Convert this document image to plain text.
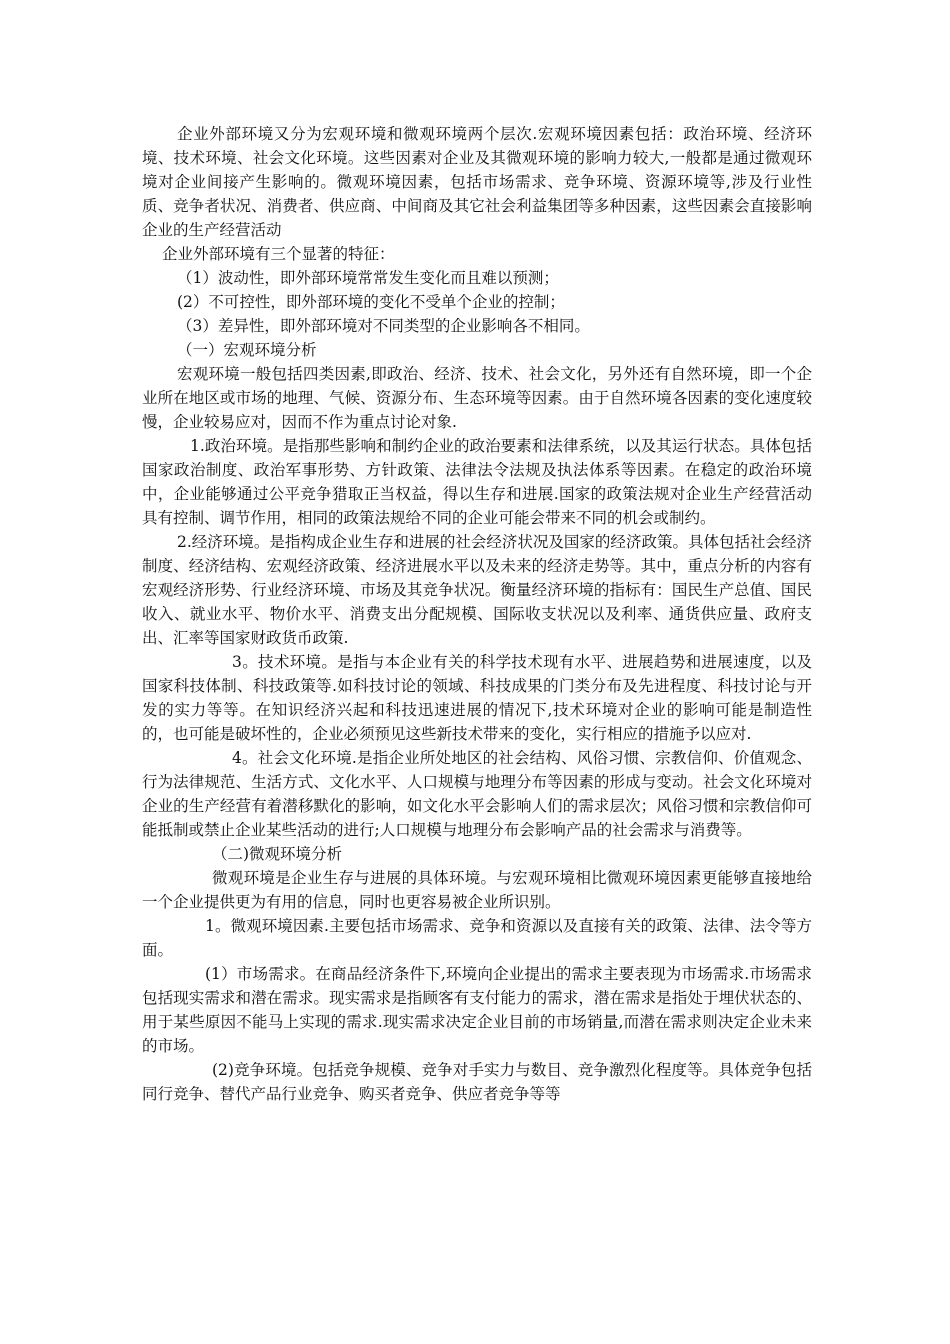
企业外部环境又分为宏观环境和微观环境两个层次.宏观环境因素包括：政治环境、经济环境、技术环境、社会文化环境。这些因素对企业及其微观环境的影响力较大,一般都是通过微观环境对企业间接产生影响的。微观环境因素，包括市场需求、竞争环境、资源环境等,涉及行业性质、竞争者状况、消费者、供应商、中间商及其它社会利益集团等多种因素，这些因素会直接影响企业的生产经营活动

企业外部环境有三个显著的特征：

（1）波动性，即外部环境常常发生变化而且难以预测；

(2）不可控性，即外部环境的变化不受单个企业的控制；

（3）差异性，即外部环境对不同类型的企业影响各不相同。

（一）宏观环境分析

宏观环境一般包括四类因素,即政治、经济、技术、社会文化，另外还有自然环境，即一个企业所在地区或市场的地理、气候、资源分布、生态环境等因素。由于自然环境各因素的变化速度较慢，企业较易应对，因而不作为重点讨论对象.

1.政治环境。是指那些影响和制约企业的政治要素和法律系统，以及其运行状态。具体包括国家政治制度、政治军事形势、方针政策、法律法令法规及执法体系等因素。在稳定的政治环境中，企业能够通过公平竞争猎取正当权益，得以生存和进展.国家的政策法规对企业生产经营活动具有控制、调节作用，相同的政策法规给不同的企业可能会带来不同的机会或制约。

2.经济环境。是指构成企业生存和进展的社会经济状况及国家的经济政策。具体包括社会经济制度、经济结构、宏观经济政策、经济进展水平以及未来的经济走势等。其中，重点分析的内容有宏观经济形势、行业经济环境、市场及其竞争状况。衡量经济环境的指标有：国民生产总值、国民收入、就业水平、物价水平、消费支出分配规模、国际收支状况以及利率、通货供应量、政府支出、汇率等国家财政货币政策.

3。技术环境。是指与本企业有关的科学技术现有水平、进展趋势和进展速度，以及国家科技体制、科技政策等.如科技讨论的领域、科技成果的门类分布及先进程度、科技讨论与开发的实力等等。在知识经济兴起和科技迅速进展的情况下,技术环境对企业的影响可能是制造性的，也可能是破坏性的，企业必须预见这些新技术带来的变化，实行相应的措施予以应对.

4。社会文化环境.是指企业所处地区的社会结构、风俗习惯、宗教信仰、价值观念、行为法律规范、生活方式、文化水平、人口规模与地理分布等因素的形成与变动。社会文化环境对企业的生产经营有着潜移默化的影响，如文化水平会影响人们的需求层次；风俗习惯和宗教信仰可能抵制或禁止企业某些活动的进行;人口规模与地理分布会影响产品的社会需求与消费等。

（二)微观环境分析

微观环境是企业生存与进展的具体环境。与宏观环境相比微观环境因素更能够直接地给一个企业提供更为有用的信息，同时也更容易被企业所识别。

1。微观环境因素.主要包括市场需求、竞争和资源以及直接有关的政策、法律、法令等方面。

(1）市场需求。在商品经济条件下,环境向企业提出的需求主要表现为市场需求.市场需求包括现实需求和潜在需求。现实需求是指顾客有支付能力的需求，潜在需求是指处于埋伏状态的、用于某些原因不能马上实现的需求.现实需求决定企业目前的市场销量,而潜在需求则决定企业未来的市场。

(2)竞争环境。包括竞争规模、竞争对手实力与数目、竞争激烈化程度等。具体竞争包括同行竞争、替代产品行业竞争、购买者竞争、供应者竞争等等
